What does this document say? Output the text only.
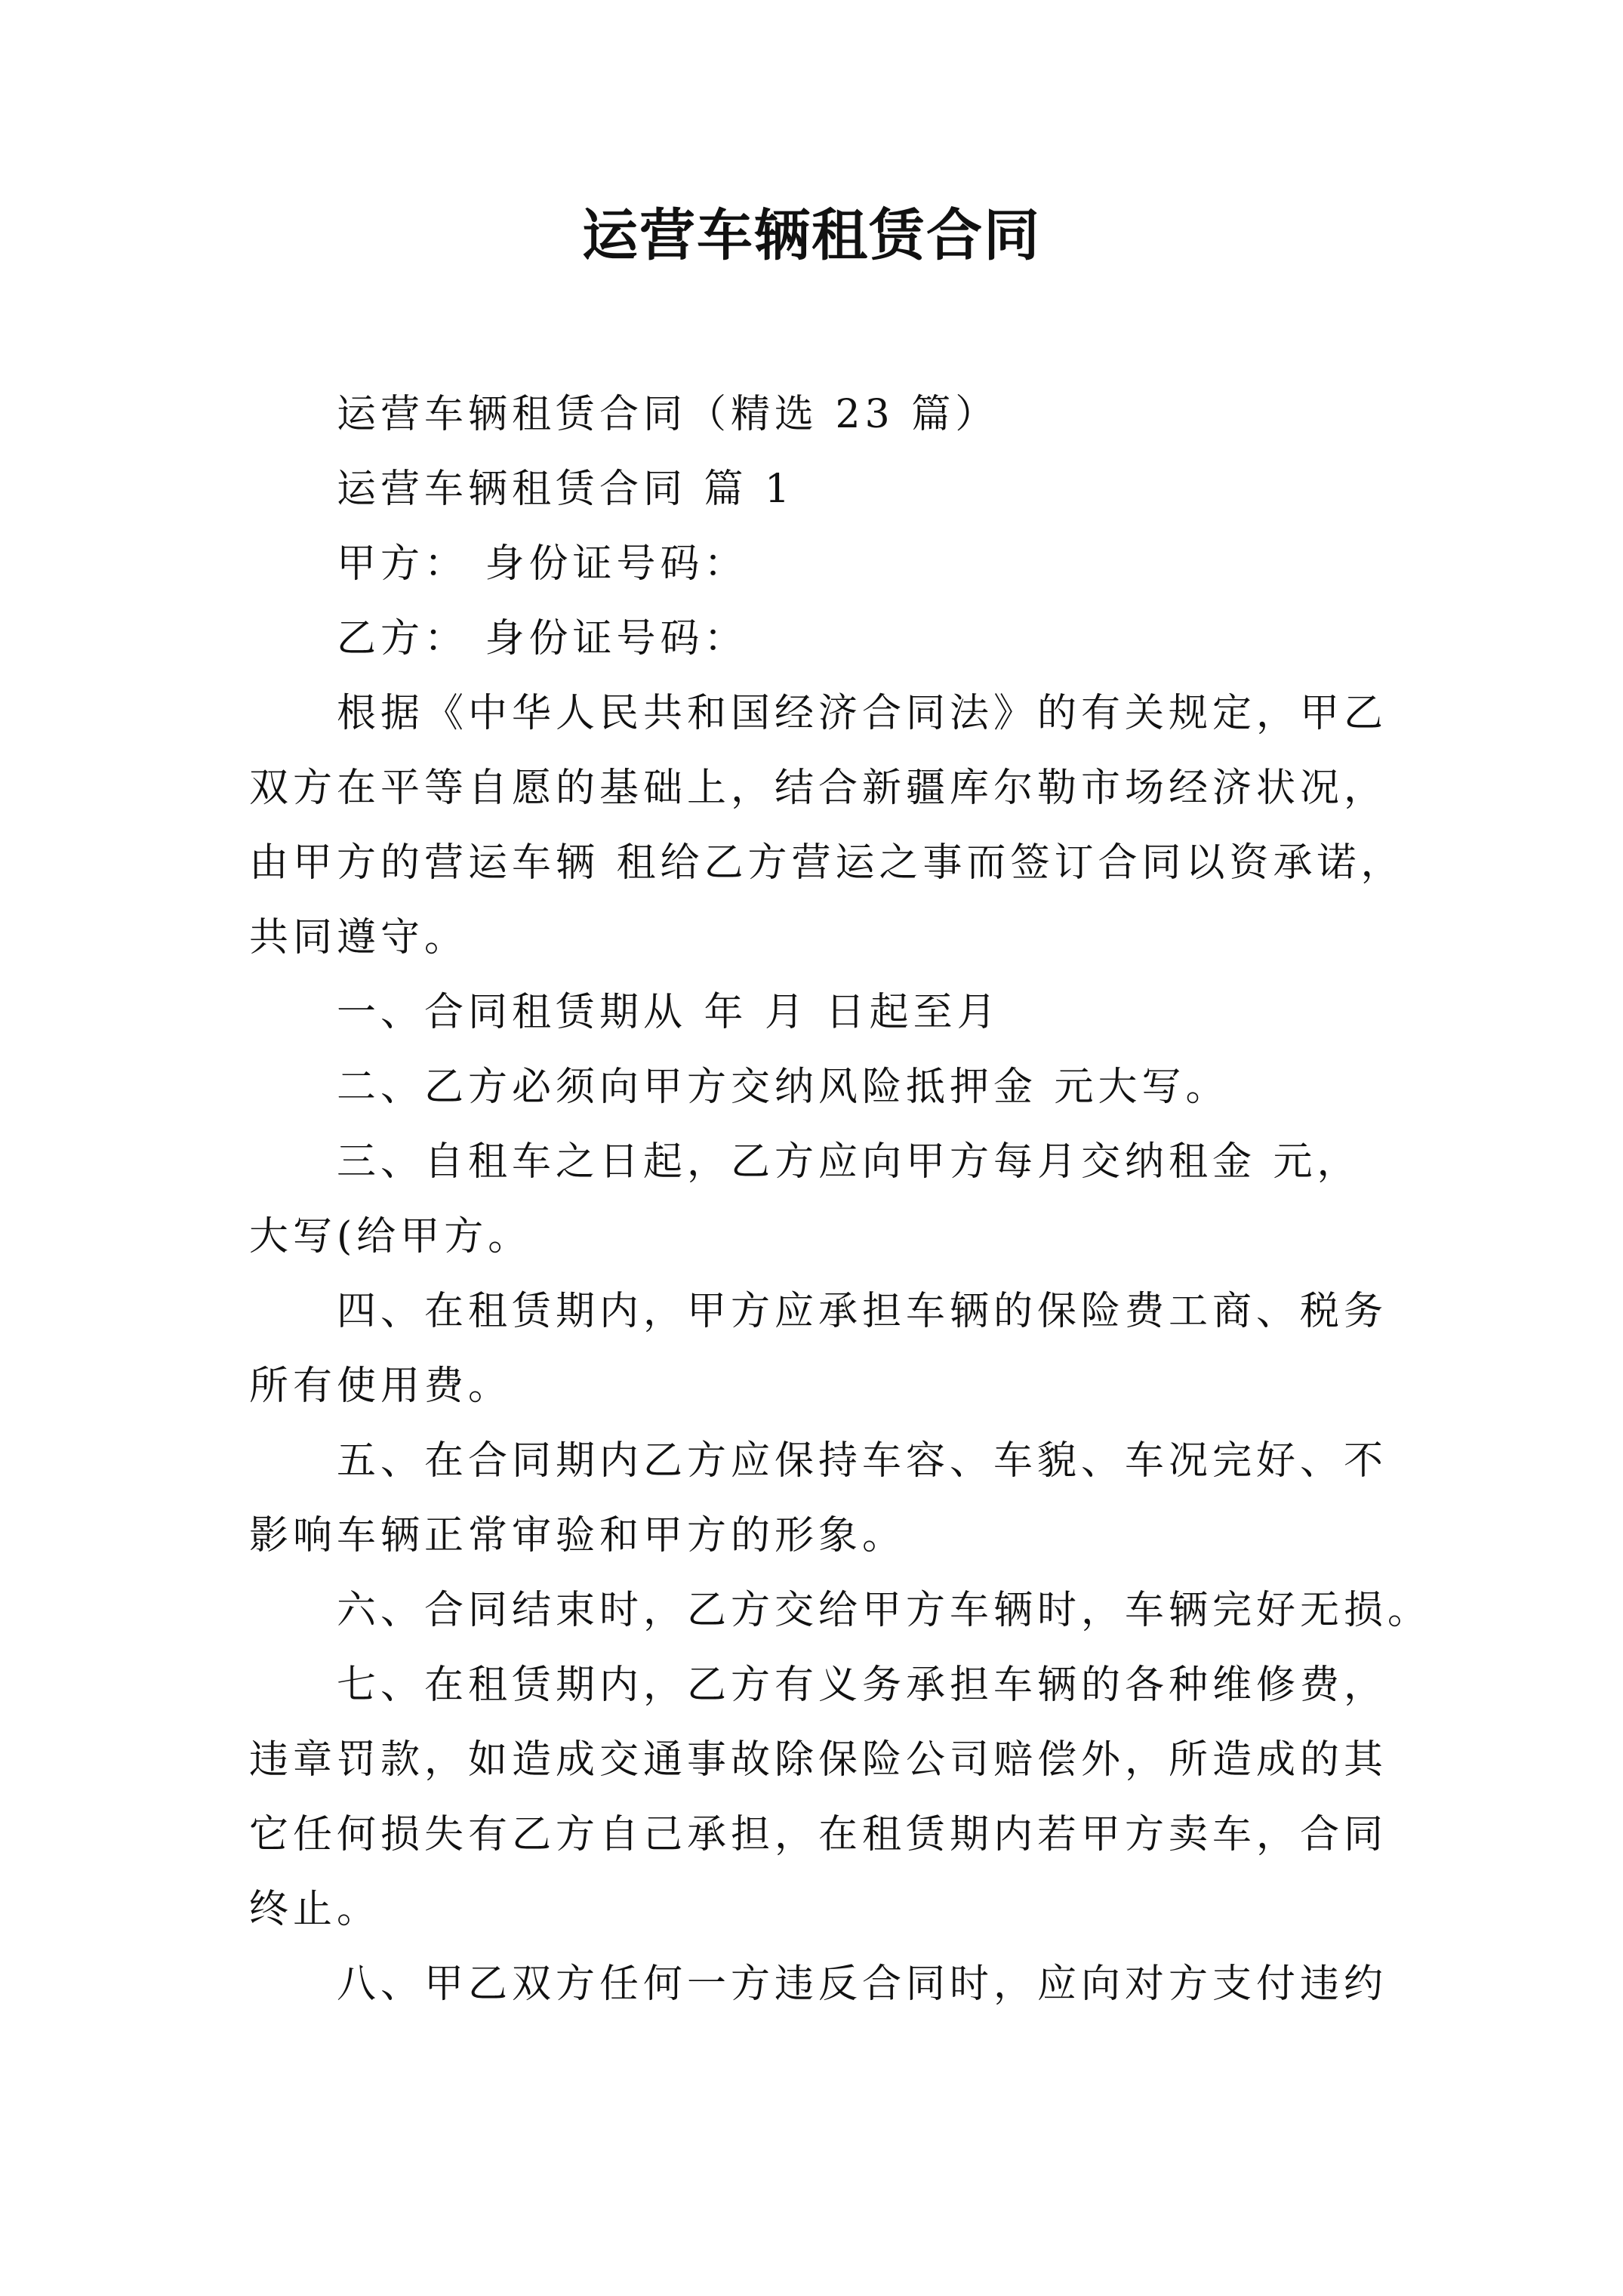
运营车辆租赁合同

运营车辆租赁合同（精选 23 篇）

运营车辆租赁合同 篇 1

甲方： 身份证号码：

乙方： 身份证号码：

根据《中华人民共和国经济合同法》的有关规定，甲乙

双方在平等自愿的基础上，结合新疆库尔勒市场经济状况，

由甲方的营运车辆 租给乙方营运之事而签订合同以资承诺，

共同遵守。

一、合同租赁期从 年 月 日起至月

二、乙方必须向甲方交纳风险抵押金 元大写。

三、自租车之日起，乙方应向甲方每月交纳租金 元，

大写(给甲方。

四、在租赁期内，甲方应承担车辆的保险费工商、税务

所有使用费。

五、在合同期内乙方应保持车容、车貌、车况完好、不

影响车辆正常审验和甲方的形象。

六、合同结束时，乙方交给甲方车辆时，车辆完好无损。

七、在租赁期内，乙方有义务承担车辆的各种维修费，

违章罚款，如造成交通事故除保险公司赔偿外，所造成的其

它任何损失有乙方自己承担，在租赁期内若甲方卖车，合同

终止。

八、甲乙双方任何一方违反合同时，应向对方支付违约
